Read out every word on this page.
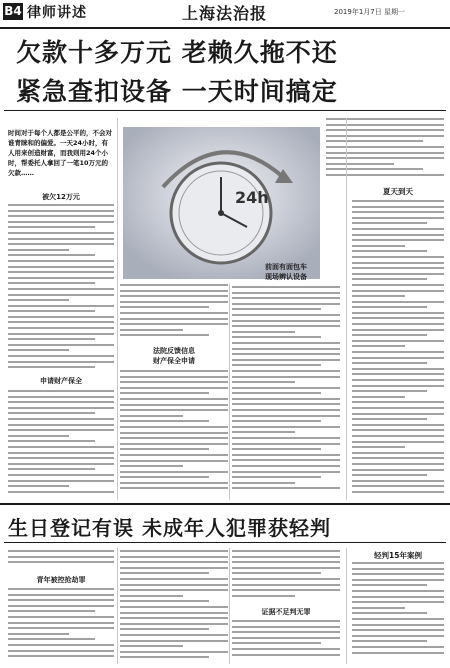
B4 律师讲述	上海法治报	2019年1月7日 星期一
欠款十多万元 老赖久拖不还
紧急查扣设备 一天时间搞定
时间对于每个人都是公平的，不会对谁青睐和的偏爱。一天24小时，有人用来创造财富，而我则用24个小时，帮委托人拿回了一笔10万元的欠款……
24h
被欠12万元
申请财产保全
法院反馈信息
财产保全申请
前面有面包车
现场辨认设备
夏天到天
生日登记有误 未成年人犯罪获轻判
青年被控抢劫罪
证据不足判无罪
轻判15年案例
